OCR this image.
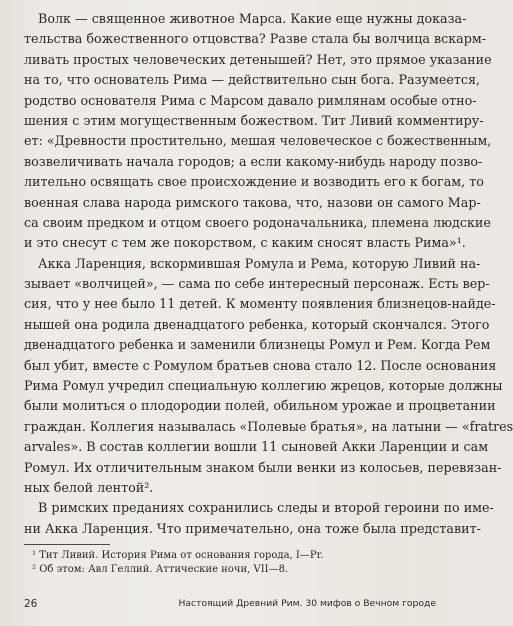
Волк — священное животное Марса. Какие еще нужны доказа-
тельства божественного отцовства? Разве стала бы волчица вскарм-
ливать простых человеческих детенышей? Нет, это прямое указание
на то, что основатель Рима — действительно сын бога. Разумеется,
родство основателя Рима с Марсом давало римлянам особые отно-
шения с этим могущественным божеством. Тит Ливий комментиру-
ет: «Древности простительно, мешая человеческое с божественным,
возвеличивать начала городов; а если какому-нибудь народу позво-
лительно освящать свое происхождение и возводить его к богам, то
военная слава народа римского такова, что, назови он самого Мар-
са своим предком и отцом своего родоначальника, племена людские
и это снесут с тем же покорством, с каким сносят власть Рима»¹.
Акка Ларенция, вскормившая Ромула и Рема, которую Ливий на-
зывает «волчицей», — сама по себе интересный персонаж. Есть вер-
сия, что у нее было 11 детей. К моменту появления близнецов-найде-
нышей она родила двенадцатого ребенка, который скончался. Этого
двенадцатого ребенка и заменили близнецы Ромул и Рем. Когда Рем
был убит, вместе с Ромулом братьев снова стало 12. После основания
Рима Ромул учредил специальную коллегию жрецов, которые должны
были молиться о плодородии полей, обильном урожае и процветании
граждан. Коллегия называлась «Полевые братья», на латыни — «fratres
arvales». В состав коллегии вошли 11 сыновей Акки Ларенции и сам
Ромул. Их отличительным знаком были венки из колосьев, перевязан-
ных белой лентой².
В римских преданиях сохранились следы и второй героини по име-
ни Акка Ларенция. Что примечательно, она тоже была представит-
¹ Тит Ливий. История Рима от основания города, I—Pr.
² Об этом: Авл Геллий. Аттические ночи, VII—8.
26	Настоящий Древний Рим. 30 мифов о Вечном городе
